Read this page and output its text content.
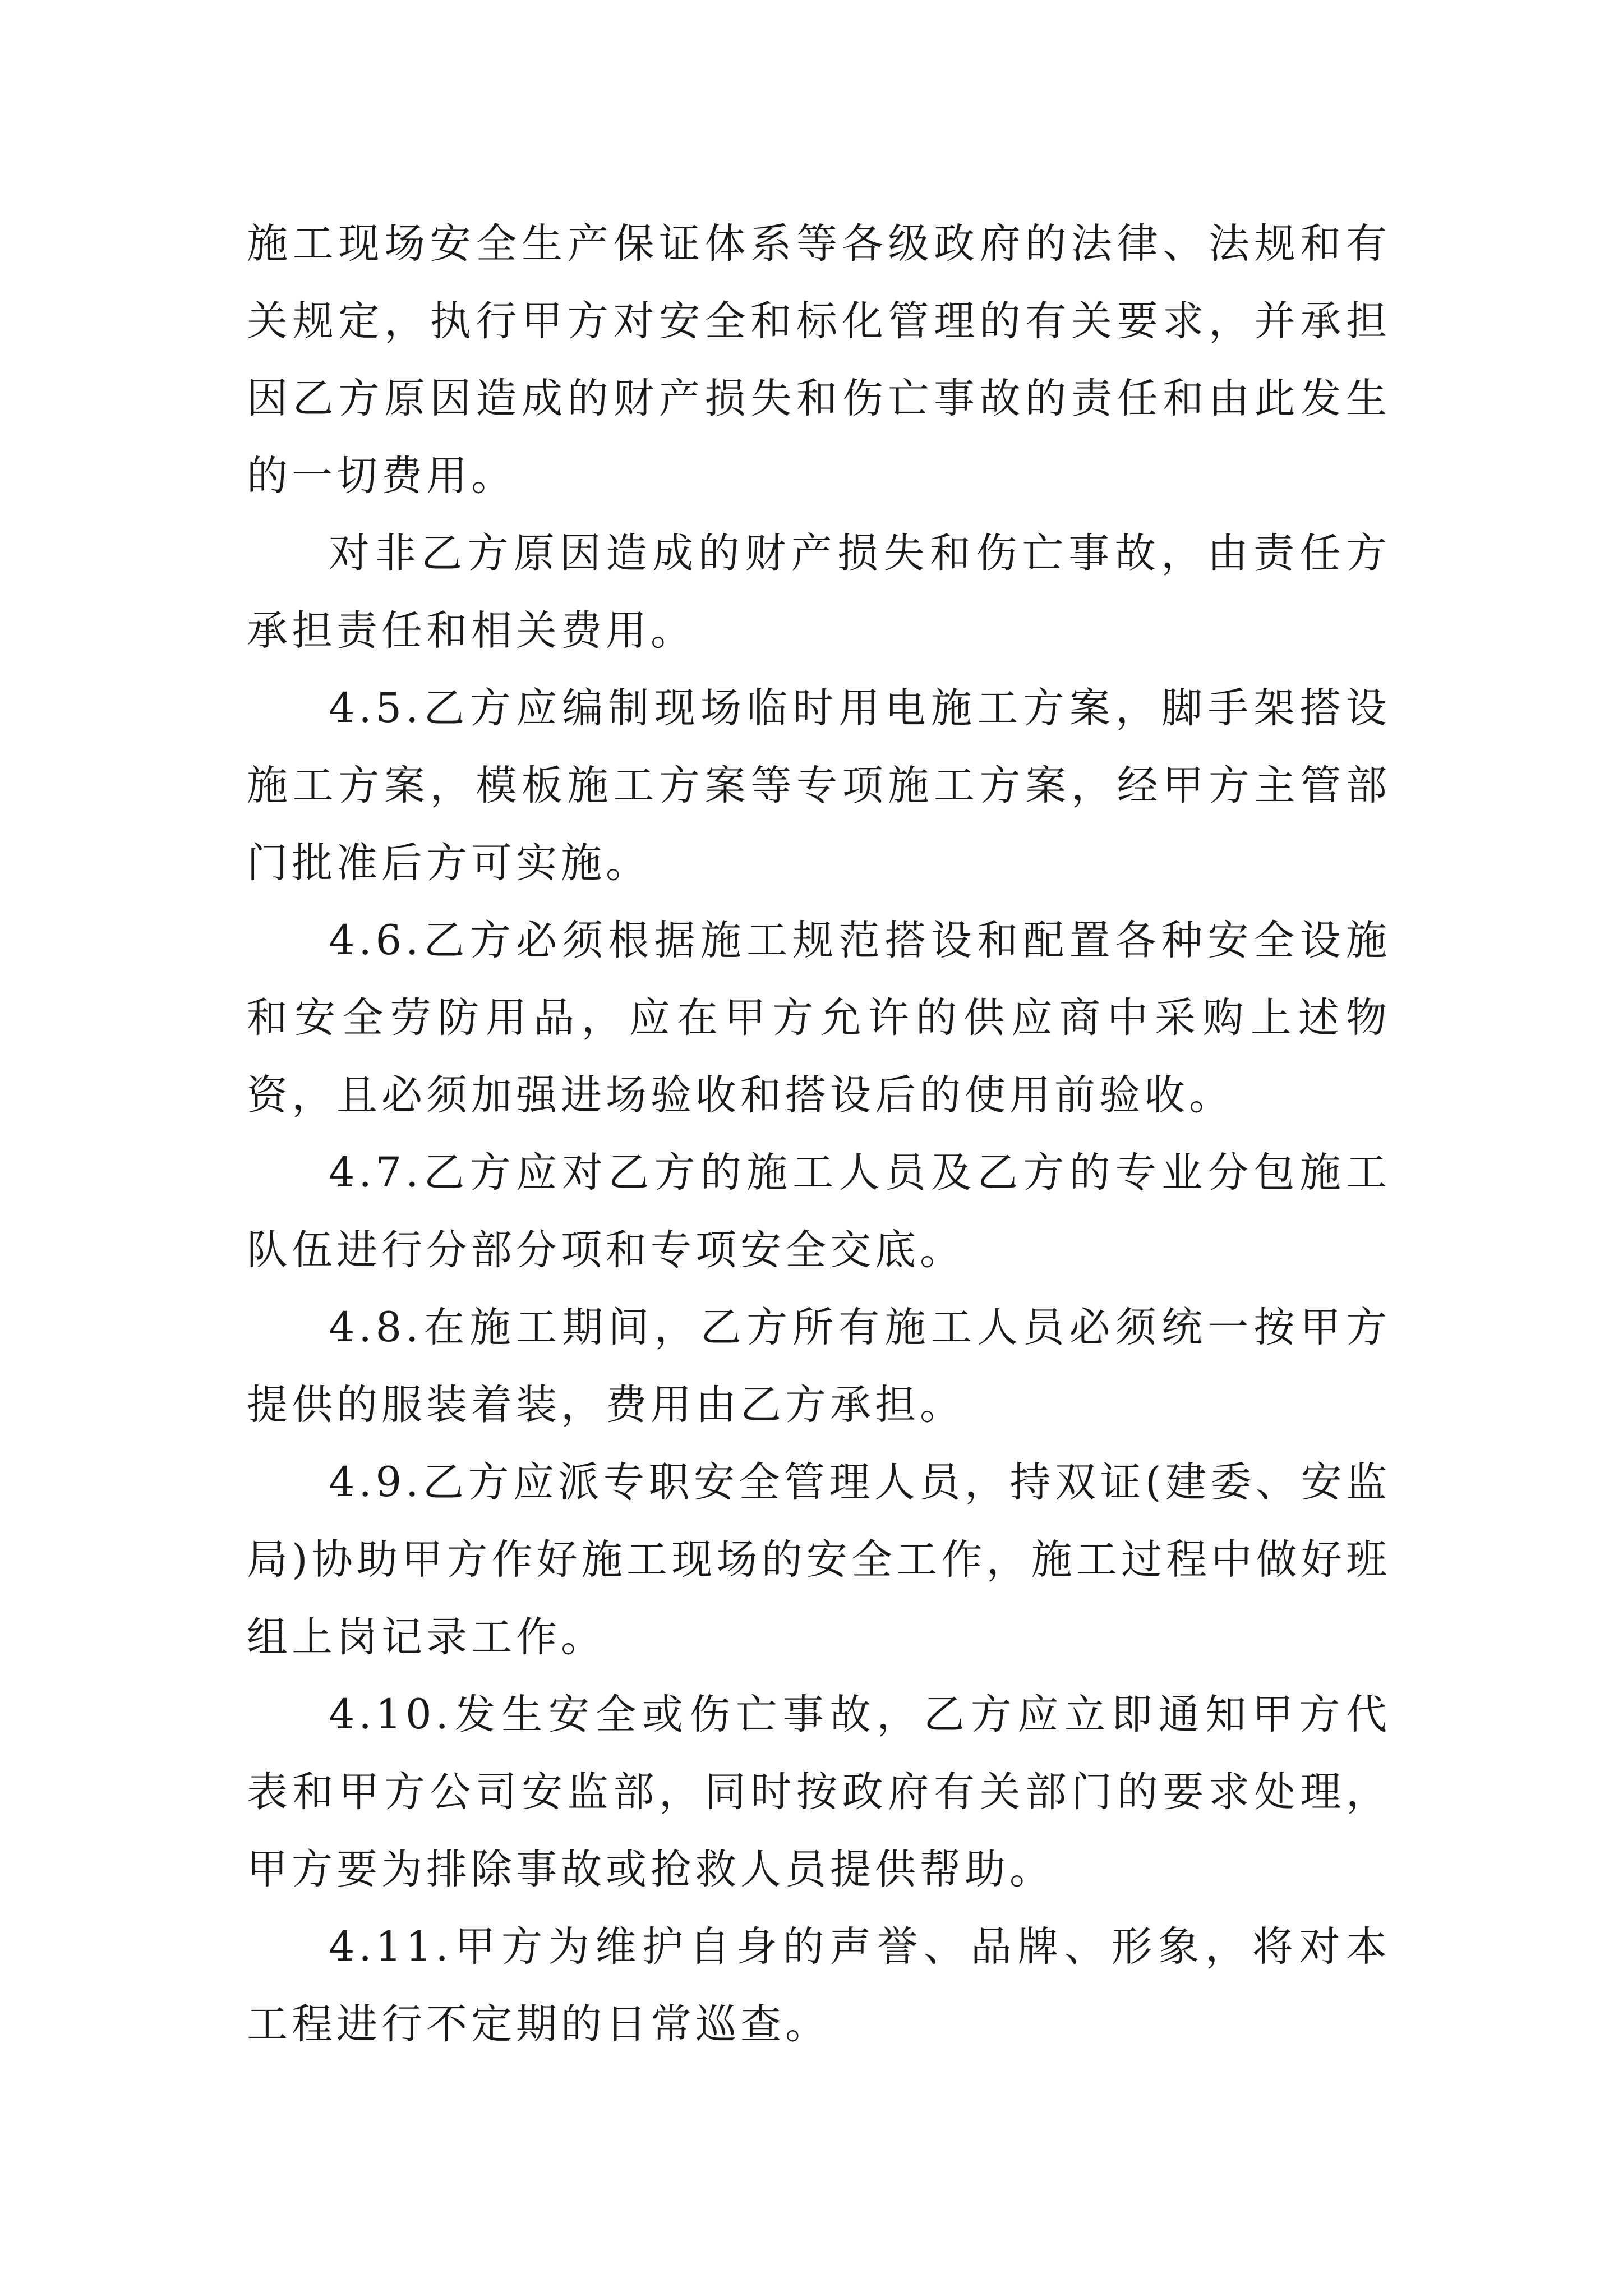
施工现场安全生产保证体系等各级政府的法律、法规和有关规定，执行甲方对安全和标化管理的有关要求，并承担因乙方原因造成的财产损失和伤亡事故的责任和由此发生的一切费用。

对非乙方原因造成的财产损失和伤亡事故，由责任方承担责任和相关费用。

4.5.乙方应编制现场临时用电施工方案，脚手架搭设施工方案，模板施工方案等专项施工方案，经甲方主管部门批准后方可实施。

4.6.乙方必须根据施工规范搭设和配置各种安全设施和安全劳防用品，应在甲方允许的供应商中采购上述物资，且必须加强进场验收和搭设后的使用前验收。

4.7.乙方应对乙方的施工人员及乙方的专业分包施工队伍进行分部分项和专项安全交底。

4.8.在施工期间，乙方所有施工人员必须统一按甲方提供的服装着装，费用由乙方承担。

4.9.乙方应派专职安全管理人员，持双证(建委、安监局)协助甲方作好施工现场的安全工作，施工过程中做好班组上岗记录工作。

4.10.发生安全或伤亡事故，乙方应立即通知甲方代表和甲方公司安监部，同时按政府有关部门的要求处理，甲方要为排除事故或抢救人员提供帮助。

4.11.甲方为维护自身的声誉、品牌、形象，将对本工程进行不定期的日常巡查。
